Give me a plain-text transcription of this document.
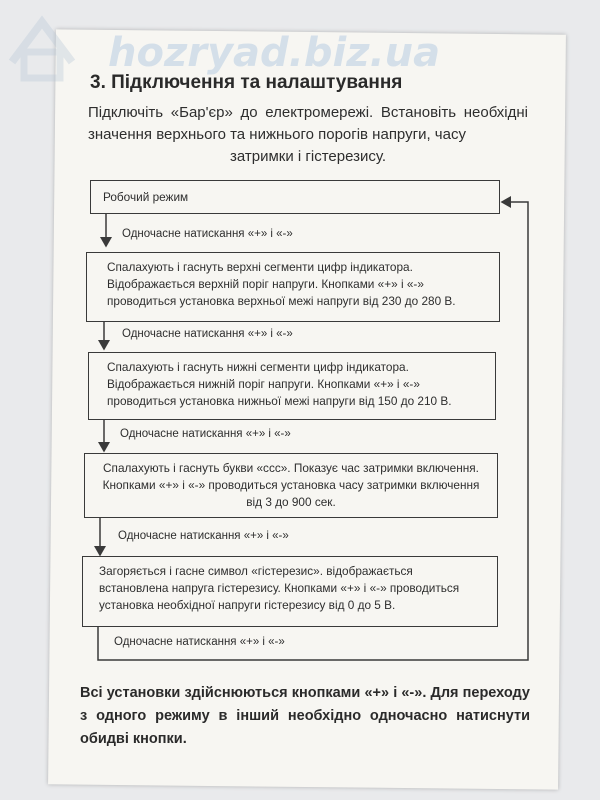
hozryad.biz.ua
3. Підключення та налаштування
Підключіть «Бар'єр» до електромережі. Встановіть необхідні значення верхнього та нижнього порогів напруги, часу
затримки і гістерезису.
Робочий режим
Одночасне натискання «+» і «-»
Спалахують і гаснуть верхні сегменти цифр індикатора. Відображається верхній поріг напруги. Кнопками «+» і «-» проводиться установка верхньої межі напруги від 230 до 280 В.
Одночасне натискання «+» і «-»
Спалахують і гаснуть нижні сегменти цифр індикатора. Відображається нижній поріг напруги. Кнопками «+» і «-» проводиться установка нижньої межі напруги від 150 до 210 В.
Одночасне натискання «+» і «-»
Спалахують і гаснуть букви «ссс». Показує час затримки включення. Кнопками «+» і «-» проводиться установка часу затримки включення від 3 до 900 сек.
Одночасне натискання «+» і «-»
Загоряється і гасне символ «гістерезис». відображається встановлена напруга гістерезису. Кнопками «+» і «-» проводиться установка необхідної напруги гістерезису від 0 до 5 В.
Одночасне натискання «+» і «-»
Всі установки здійснюються кнопками «+» і «-». Для переходу з одного режиму в інший необхідно одночасно натиснути обидві кнопки.
